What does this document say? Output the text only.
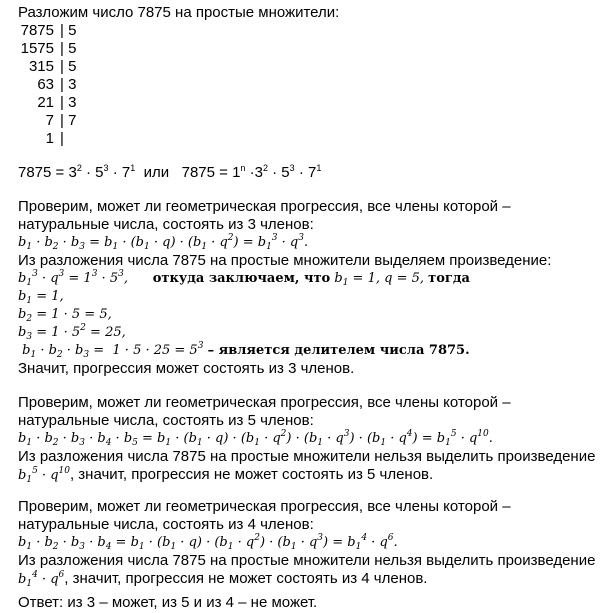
Разложим число 7875 на простые множители:
7875 | 5
1575 | 5
315 | 5
63 | 3
21 | 3
7 | 7
1 |
$7875 = 3^2 \cdot 5^3 \cdot 7^1$ или $7875 = 1^n \cdot 3^2 \cdot 5^3 \cdot 7^1$
Проверим, может ли геометрическая прогрессия, все члены которой –
натуральные числа, состоять из 3 членов:
$b_1 \cdot b_2 \cdot b_3 = b_1 \cdot (b_1 \cdot q) \cdot (b_1 \cdot q^2) = b_1^3 \cdot q^3$.
Из разложения числа 7875 на простые множители выделяем произведение:
$b_1^3 \cdot q^3 = 1^3 \cdot 5^3$,      откуда заключаем, что $b_1 = 1$, q = 5, тогда
$b_1 = 1$,
$b_2 = 1 \cdot 5 = 5$,
$b_3 = 1 \cdot 5^2 = 25$,
$b_1 \cdot b_2 \cdot b_3 = 1 \cdot 5 \cdot 25 = 5^3$ – является делителем числа 7875.
Значит, прогрессия может состоять из 3 членов.
Проверим, может ли геометрическая прогрессия, все члены которой –
натуральные числа, состоять из 5 членов:
$b_1 \cdot b_2 \cdot b_3 \cdot b_4 \cdot b_5 = b_1 \cdot (b_1 \cdot q) \cdot (b_1 \cdot q^2) \cdot (b_1 \cdot q^3) \cdot (b_1 \cdot q^4) = b_1^5 \cdot q^{10}$.
Из разложения числа 7875 на простые множители нельзя выделить произведение
$b_1^5 \cdot q^{10}$, значит, прогрессия не может состоять из 5 членов.
Проверим, может ли геометрическая прогрессия, все члены которой –
натуральные числа, состоять из 4 членов:
$b_1 \cdot b_2 \cdot b_3 \cdot b_4 = b_1 \cdot (b_1 \cdot q) \cdot (b_1 \cdot q^2) \cdot (b_1 \cdot q^3) = b_1^4 \cdot q^6$.
Из разложения числа 7875 на простые множители нельзя выделить произведение
$b_1^4 \cdot q^6$, значит, прогрессия не может состоять из 4 членов.
Ответ: из 3 – может, из 5 и из 4 – не может.
